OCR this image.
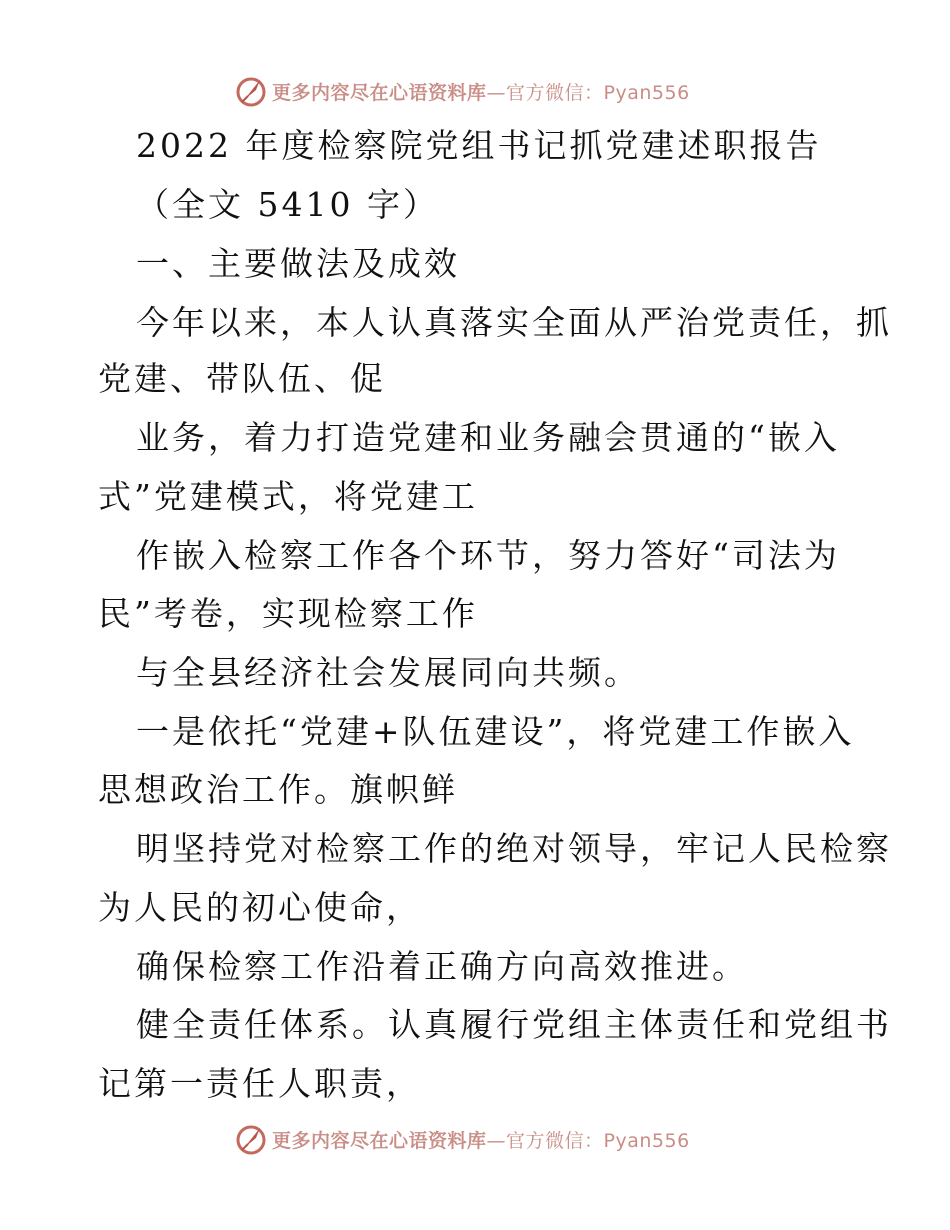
更多内容尽在心语资料库—官方微信：Pyan556
2022 年度检察院党组书记抓党建述职报告
（全文 5410 字）
一、主要做法及成效
今年以来，本人认真落实全面从严治党责任，抓
党建、带队伍、促
业务，着力打造党建和业务融会贯通的“嵌入
式”党建模式，将党建工
作嵌入检察工作各个环节，努力答好“司法为
民”考卷，实现检察工作
与全县经济社会发展同向共频。
一是依托“党建+队伍建设”，将党建工作嵌入
思想政治工作。旗帜鲜
明坚持党对检察工作的绝对领导，牢记人民检察
为人民的初心使命，
确保检察工作沿着正确方向高效推进。
健全责任体系。认真履行党组主体责任和党组书
记第一责任人职责，
更多内容尽在心语资料库—官方微信：Pyan556
